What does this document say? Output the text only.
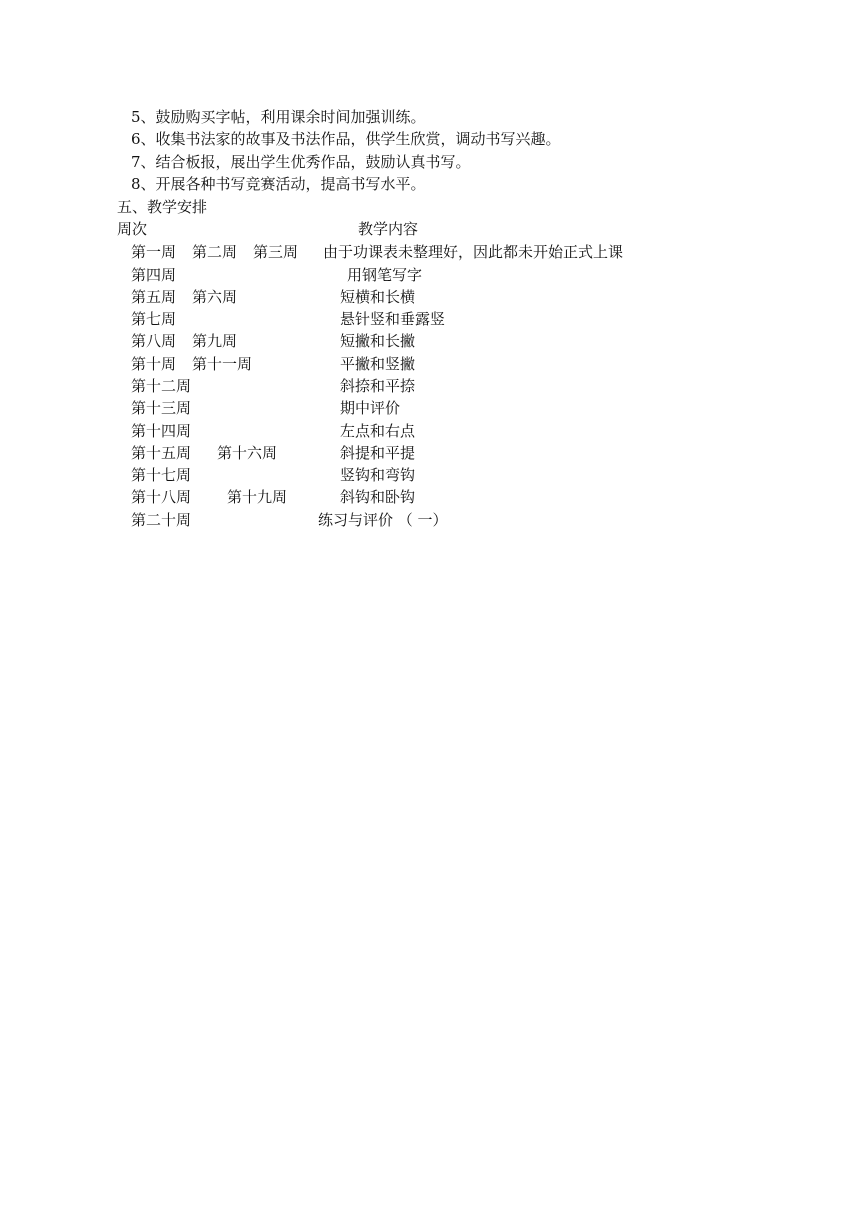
5、鼓励购买字帖，利用课余时间加强训练。
6、收集书法家的故事及书法作品，供学生欣赏，调动书写兴趣。
7、结合板报，展出学生优秀作品，鼓励认真书写。
8、开展各种书写竞赛活动，提高书写水平。
五、教学安排
周次	教学内容
第一周 第二周 第三周 由于功课表未整理好，因此都未开始正式上课
第四周	用钢笔写字
第五周 第六周	短横和长横
第七周	悬针竖和垂露竖
第八周 第九周	短撇和长撇
第十周 第十一周	平撇和竖撇
第十二周	斜捺和平捺
第十三周	期中评价
第十四周	左点和右点
第十五周 第十六周	斜提和平提
第十七周	竖钩和弯钩
第十八周 第十九周	斜钩和卧钩
第二十周	练习与评价 （ 一）
